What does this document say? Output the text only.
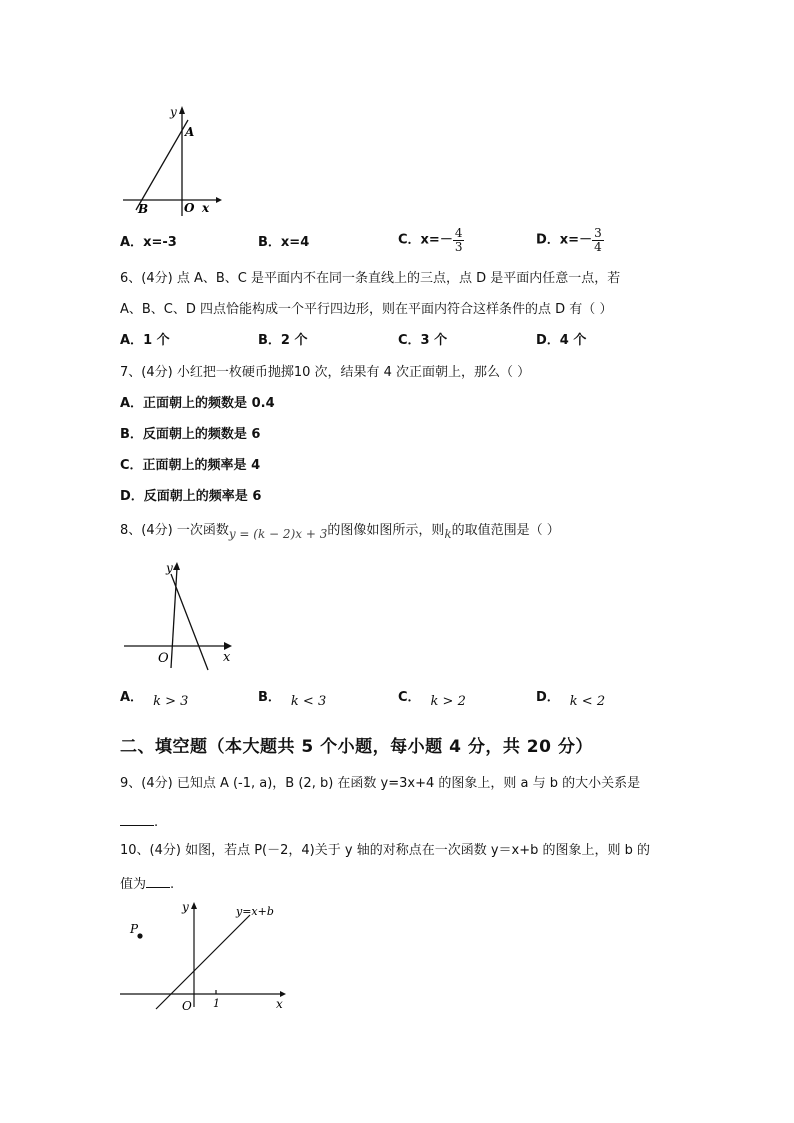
y
A
B	O x
A．x=-3	B．x=4	C．$x=- \frac{4}{3}$	D．$x=- \frac{3}{4}$
6、(4分) 点 A、B、C 是平面内不在同一条直线上的三点，点 D 是平面内任意一点，若
A、B、C、D 四点恰能构成一个平行四边形，则在平面内符合这样条件的点 D 有（ ）
A．1 个	B．2 个	C．3 个	D．4 个
7、(4分) 小红把一枚硬币抛掷10 次，结果有 4 次正面朝上，那么（ ）
A．正面朝上的频数是 0.4
B．反面朝上的频数是 6
C．正面朝上的频率是 4
D．反面朝上的频率是 6
8、(4分) 一次函数y = (k − 2)x + 3的图像如图所示，则k的取值范围是（ ）
y
O	x
A． k > 3	B． k < 3	C． k > 2	D． k < 2
二、填空题（本大题共 5 个小题，每小题 4 分，共 20 分）
9、(4分) 已知点 A (-1, a)，B (2, b) 在函数 y=3x+4 的图象上，则 a 与 b 的大小关系是
.
10、(4分) 如图，若点 P(－2，4)关于 y 轴的对称点在一次函数 y＝x+b 的图象上，则 b 的
值为 .
y	y=x+b
P
O 1	x
